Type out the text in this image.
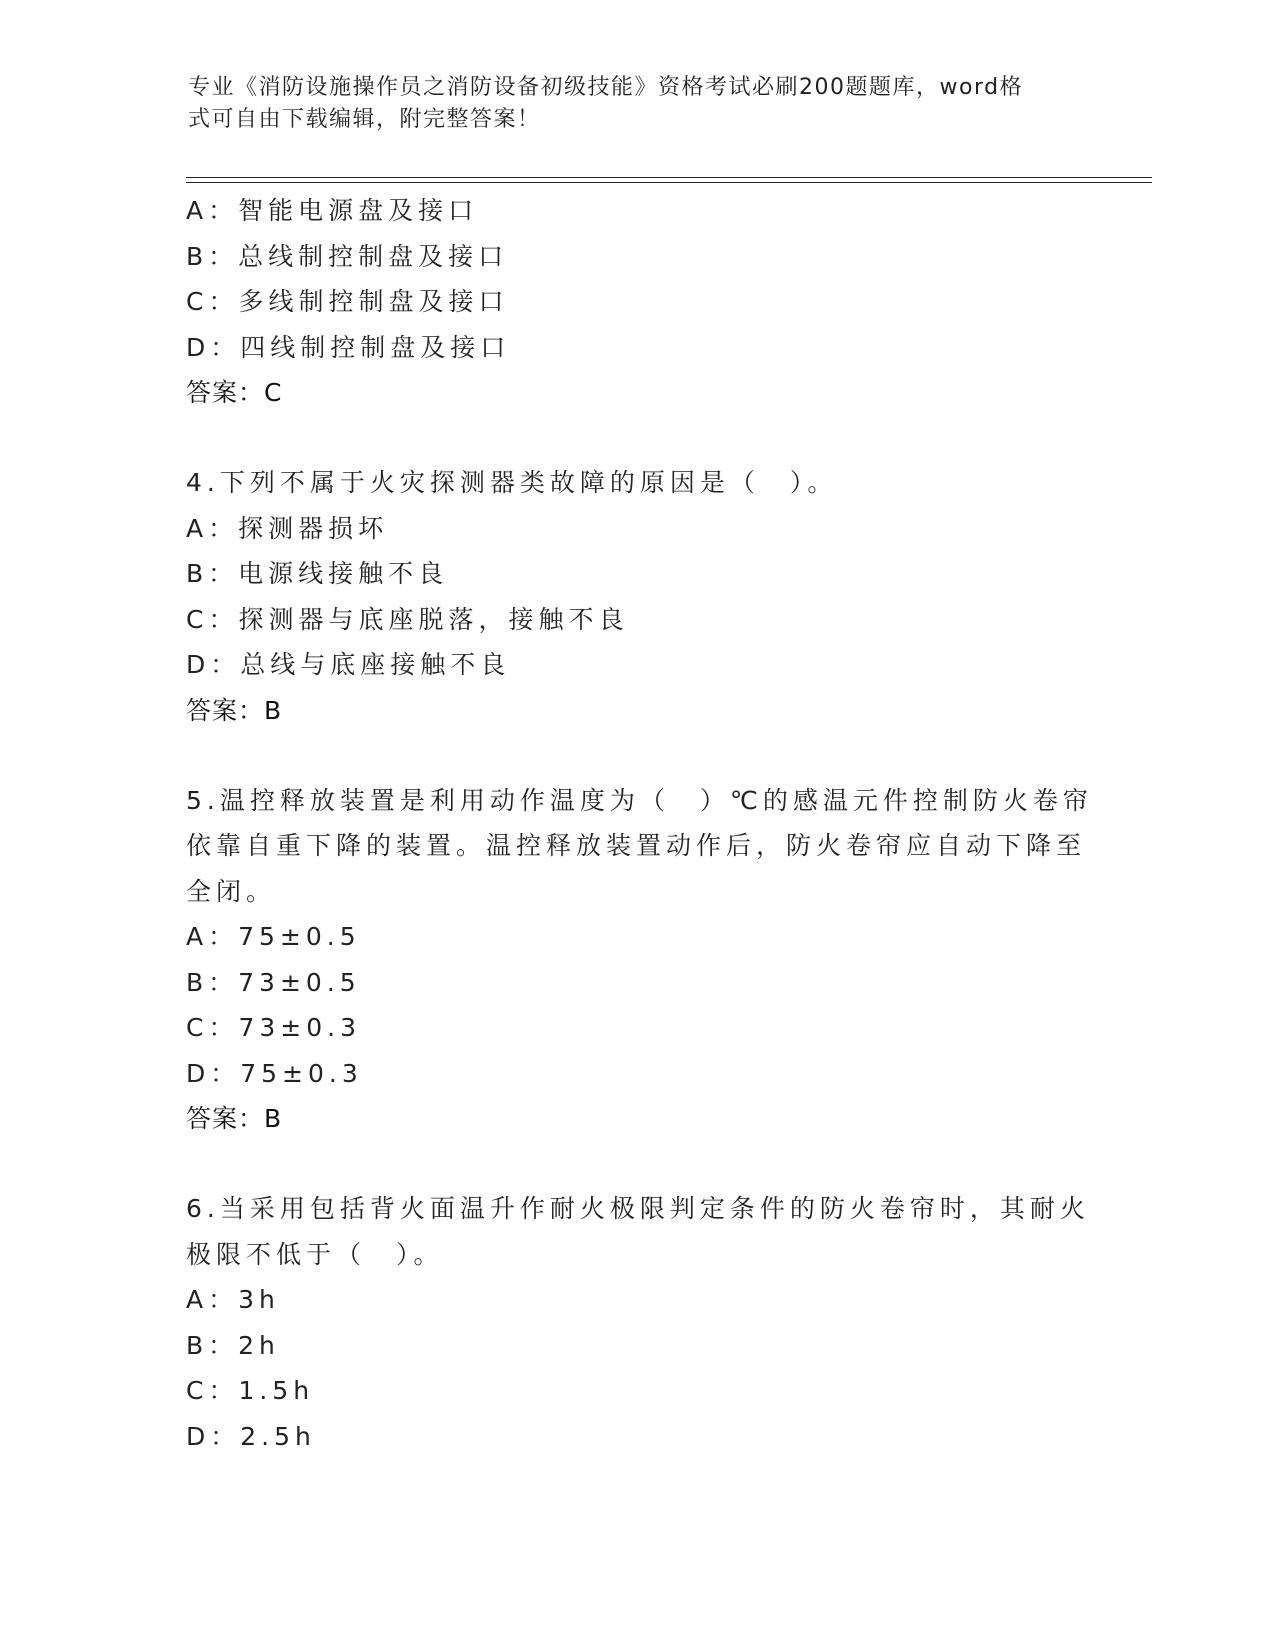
专业《消防设施操作员之消防设备初级技能》资格考试必刷200题题库，word格
式可自由下载编辑，附完整答案！
A：智能电源盘及接口
B：总线制控制盘及接口
C：多线制控制盘及接口
D：四线制控制盘及接口
答案：C
4.下列不属于火灾探测器类故障的原因是（　）。
A：探测器损坏
B：电源线接触不良
C：探测器与底座脱落，接触不良
D：总线与底座接触不良
答案：B
5.温控释放装置是利用动作温度为（　）℃的感温元件控制防火卷帘
依靠自重下降的装置。温控释放装置动作后，防火卷帘应自动下降至
全闭。
A：75±0.5
B：73±0.5
C：73±0.3
D：75±0.3
答案：B
6.当采用包括背火面温升作耐火极限判定条件的防火卷帘时，其耐火
极限不低于（　）。
A：3h
B：2h
C：1.5h
D：2.5h
